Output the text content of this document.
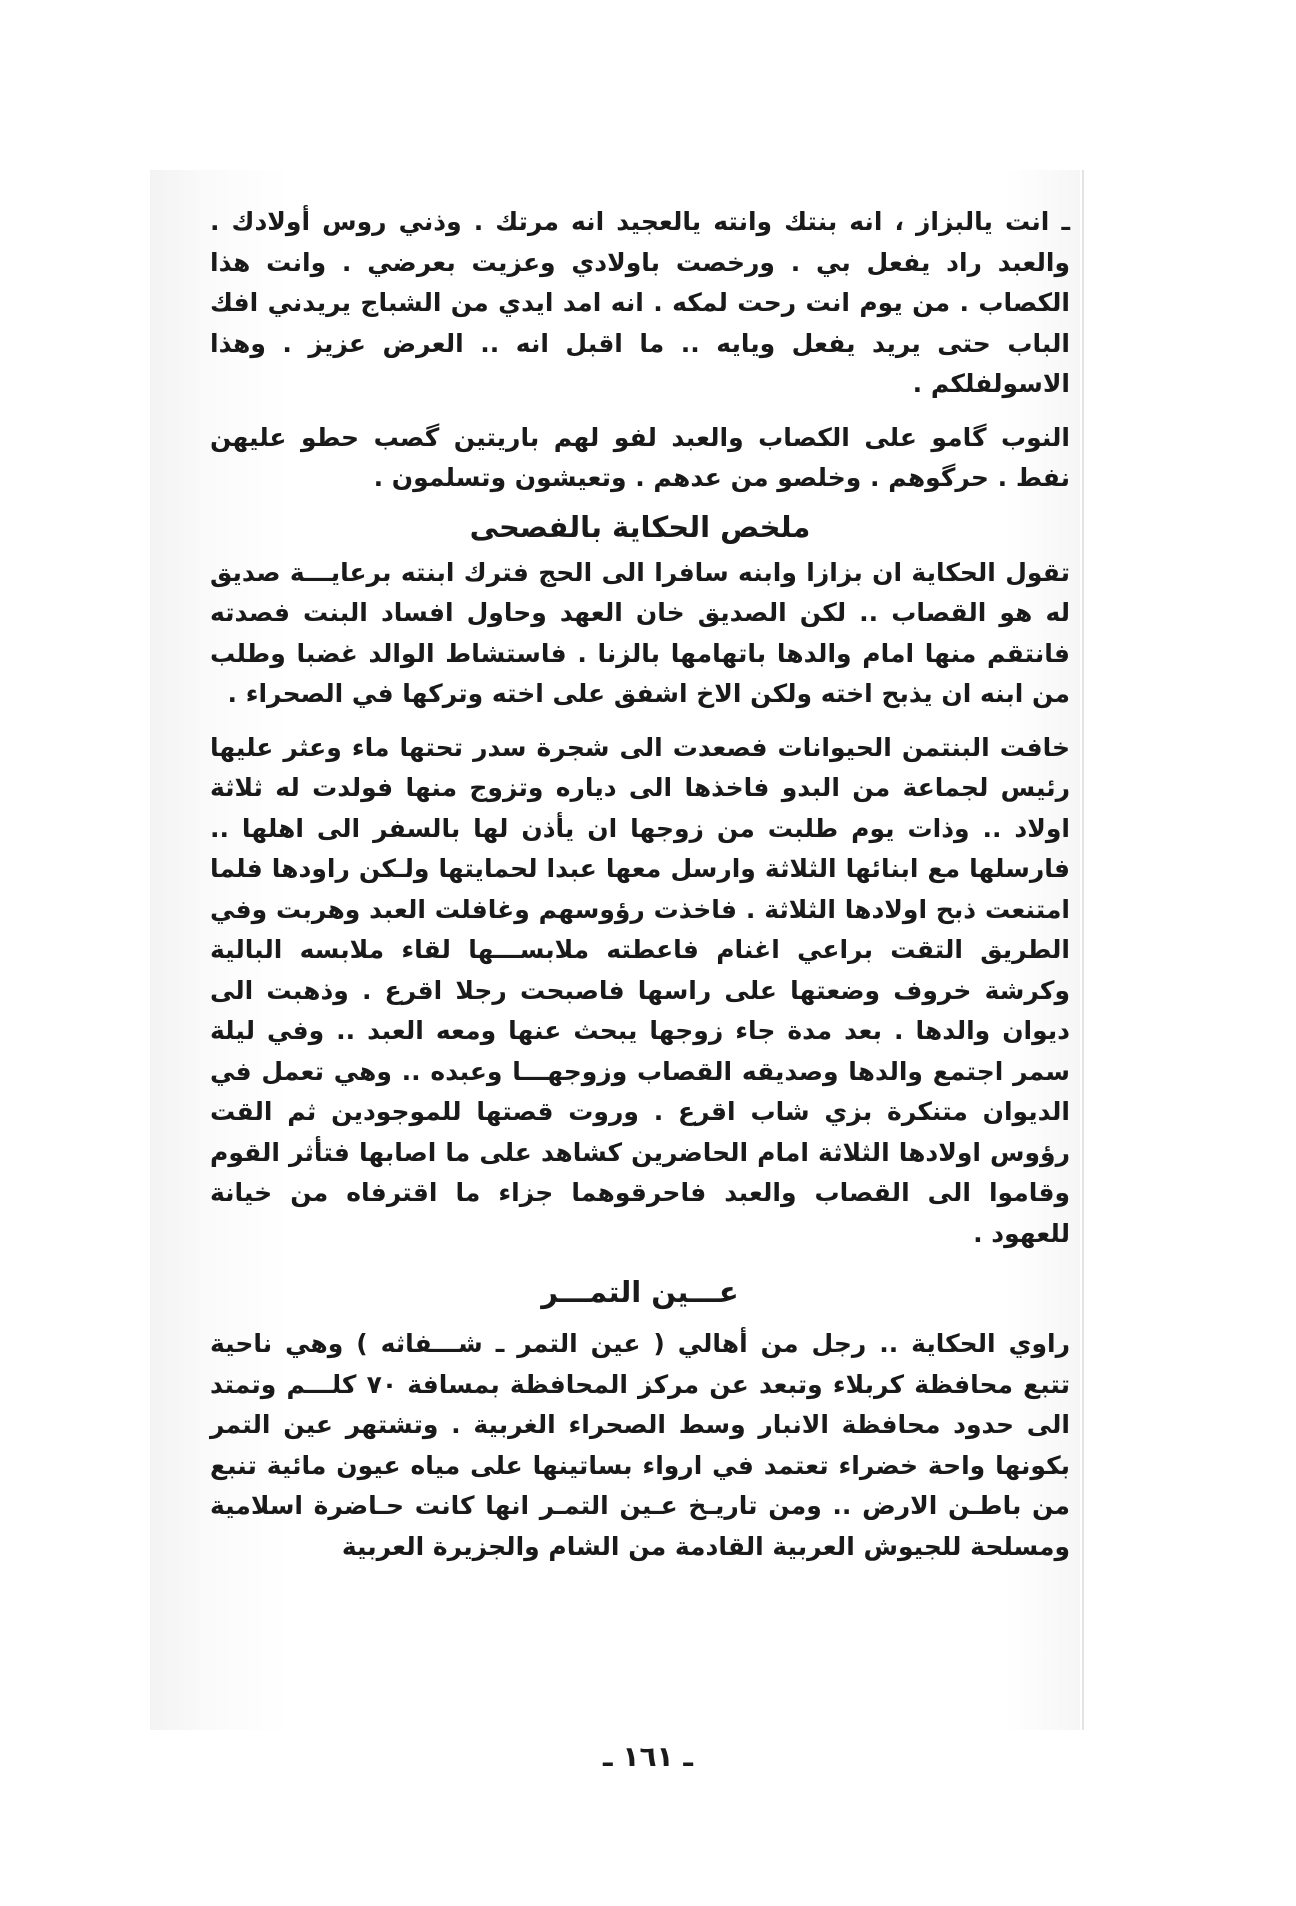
ـ انت يالبزاز ، انه بنتك وانته يالعجيد انه مرتك . وذني روس أولادك . والعبد راد يفعل بي . ورخصت باولادي وعزيت بعرضي . وانت هذا الكصاب . من يوم انت رحت لمكه . انه امد ايدي من الشباج يريدني افك الباب حتى يريد يفعل ويايه .. ما اقبل انه .. العرض عزيز . وهذا الاسولفلكم .

النوب گامو على الكصاب والعبد لفو لهم باريتين گصب حطو عليهن نفط . حرگوهم . وخلصو من عدهم . وتعيشون وتسلمون .

ملخص الحكاية بالفصحى

تقول الحكاية ان بزازا وابنه سافرا الى الحج فترك ابنته برعايـــة صديق له هو القصاب .. لكن الصديق خان العهد وحاول افساد البنت فصدته فانتقم منها امام والدها باتهامها بالزنا . فاستشاط الوالد غضبا وطلب من ابنه ان يذبح اخته ولكن الاخ اشفق على اخته وتركها في الصحراء .

خافت البنتمن الحيوانات فصعدت الى شجرة سدر تحتها ماء وعثر عليها رئيس لجماعة من البدو فاخذها الى دياره وتزوج منها فولدت له ثلاثة اولاد .. وذات يوم طلبت من زوجها ان يأذن لها بالسفر الى اهلها .. فارسلها مع ابنائها الثلاثة وارسل معها عبدا لحمايتها ولـكن راودها فلما امتنعت ذبح اولادها الثلاثة . فاخذت رؤوسهم وغافلت العبد وهربت وفي الطريق التقت براعي اغنام فاعطته ملابســـها لقاء ملابسه البالية وكرشة خروف وضعتها على راسها فاصبحت رجلا اقرع . وذهبت الى ديوان والدها . بعد مدة جاء زوجها يبحث عنها ومعه العبد .. وفي ليلة سمر اجتمع والدها وصديقه القصاب وزوجهـــا وعبده .. وهي تعمل في الديوان متنكرة بزي شاب اقرع . وروت قصتها للموجودين ثم القت رؤوس اولادها الثلاثة امام الحاضرين كشاهد على ما اصابها فتأثر القوم وقاموا الى القصاب والعبد فاحرقوهما جزاء ما اقترفاه من خيانة للعهود .

عـــين التمـــر

راوي الحكاية .. رجل من أهالي ( عين التمر ـ شـــفاثه ) وهي ناحية تتبع محافظة كربلاء وتبعد عن مركز المحافظة بمسافة ٧٠ كلـــم وتمتد الى حدود محافظة الانبار وسط الصحراء الغربية . وتشتهر عين التمر بكونها واحة خضراء تعتمد في ارواء بساتينها على مياه عيون مائية تنبع من باطـن الارض .. ومن تاريـخ عـين التمـر انها كانت حـاضرة اسلامية ومسلحة للجيوش العربية القادمة من الشام والجزيرة العربية

ـ ١٦١ ـ
